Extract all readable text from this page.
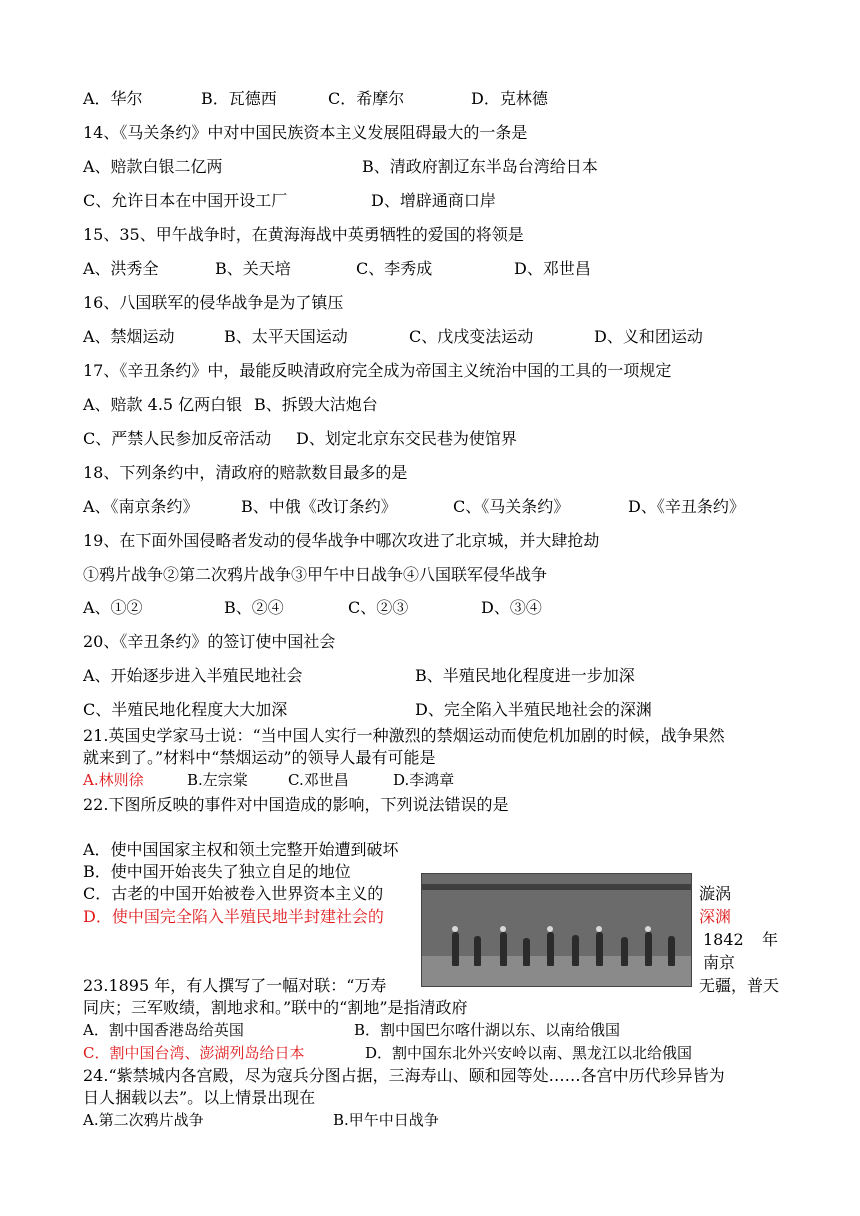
A．华尔	B．瓦德西	C．希摩尔	D．克林德
14、《马关条约》中对中国民族资本主义发展阻碍最大的一条是
A、赔款白银二亿两	B、清政府割辽东半岛台湾给日本
C、允许日本在中国开设工厂	D、增辟通商口岸
15、35、甲午战争时，在黄海海战中英勇牺牲的爱国的将领是
A、洪秀全	B、关天培	C、李秀成	D、邓世昌
16、八国联军的侵华战争是为了镇压
A、禁烟运动	B、太平天国运动	C、戊戌变法运动	D、义和团运动
17、《辛丑条约》中，最能反映清政府完全成为帝国主义统治中国的工具的一项规定
A、赔款 4.5 亿两白银 B、拆毁大沽炮台
C、严禁人民参加反帝活动 D、划定北京东交民巷为使馆界
18、下列条约中，清政府的赔款数目最多的是
A、《南京条约》	B、中俄《改订条约》	C、《马关条约》	D、《辛丑条约》
19、在下面外国侵略者发动的侵华战争中哪次攻进了北京城，并大肆抢劫
①鸦片战争②第二次鸦片战争③甲午中日战争④八国联军侵华战争
A、①②	B、②④	C、②③	D、③④
20、《辛丑条约》的签订使中国社会
A、开始逐步进入半殖民地社会	B、半殖民地化程度进一步加深
C、半殖民地化程度大大加深	D、完全陷入半殖民地社会的深渊
21.英国史学家马士说：“当中国人实行一种激烈的禁烟运动而使危机加剧的时候，战争果然
就来到了。”材料中“禁烟运动”的领导人最有可能是
A.林则徐	B.左宗棠	C.邓世昌	D.李鸿章
22.下图所反映的事件对中国造成的影响，下列说法错误的是
A．使中国国家主权和领土完整开始遭到破坏
B．使中国开始丧失了独立自足的地位
C．古老的中国开始被卷入世界资本主义的
D．使中国完全陷入半殖民地半封建社会的
漩涡
深渊
1842 年
南京
23.1895 年，有人撰写了一幅对联：“万寿	无疆，普天
同庆；三军败绩，割地求和。”联中的“割地”是指清政府
A．割中国香港岛给英国	B．割中国巴尔喀什湖以东、以南给俄国
C．割中国台湾、澎湖列岛给日本	D．割中国东北外兴安岭以南、黑龙江以北给俄国
24.“紫禁城内各宫殿，尽为寇兵分图占据，三海寿山、颐和园等处……各宫中历代珍异皆为
日人捆载以去”。以上情景出现在
A.第二次鸦片战争	B.甲午中日战争
